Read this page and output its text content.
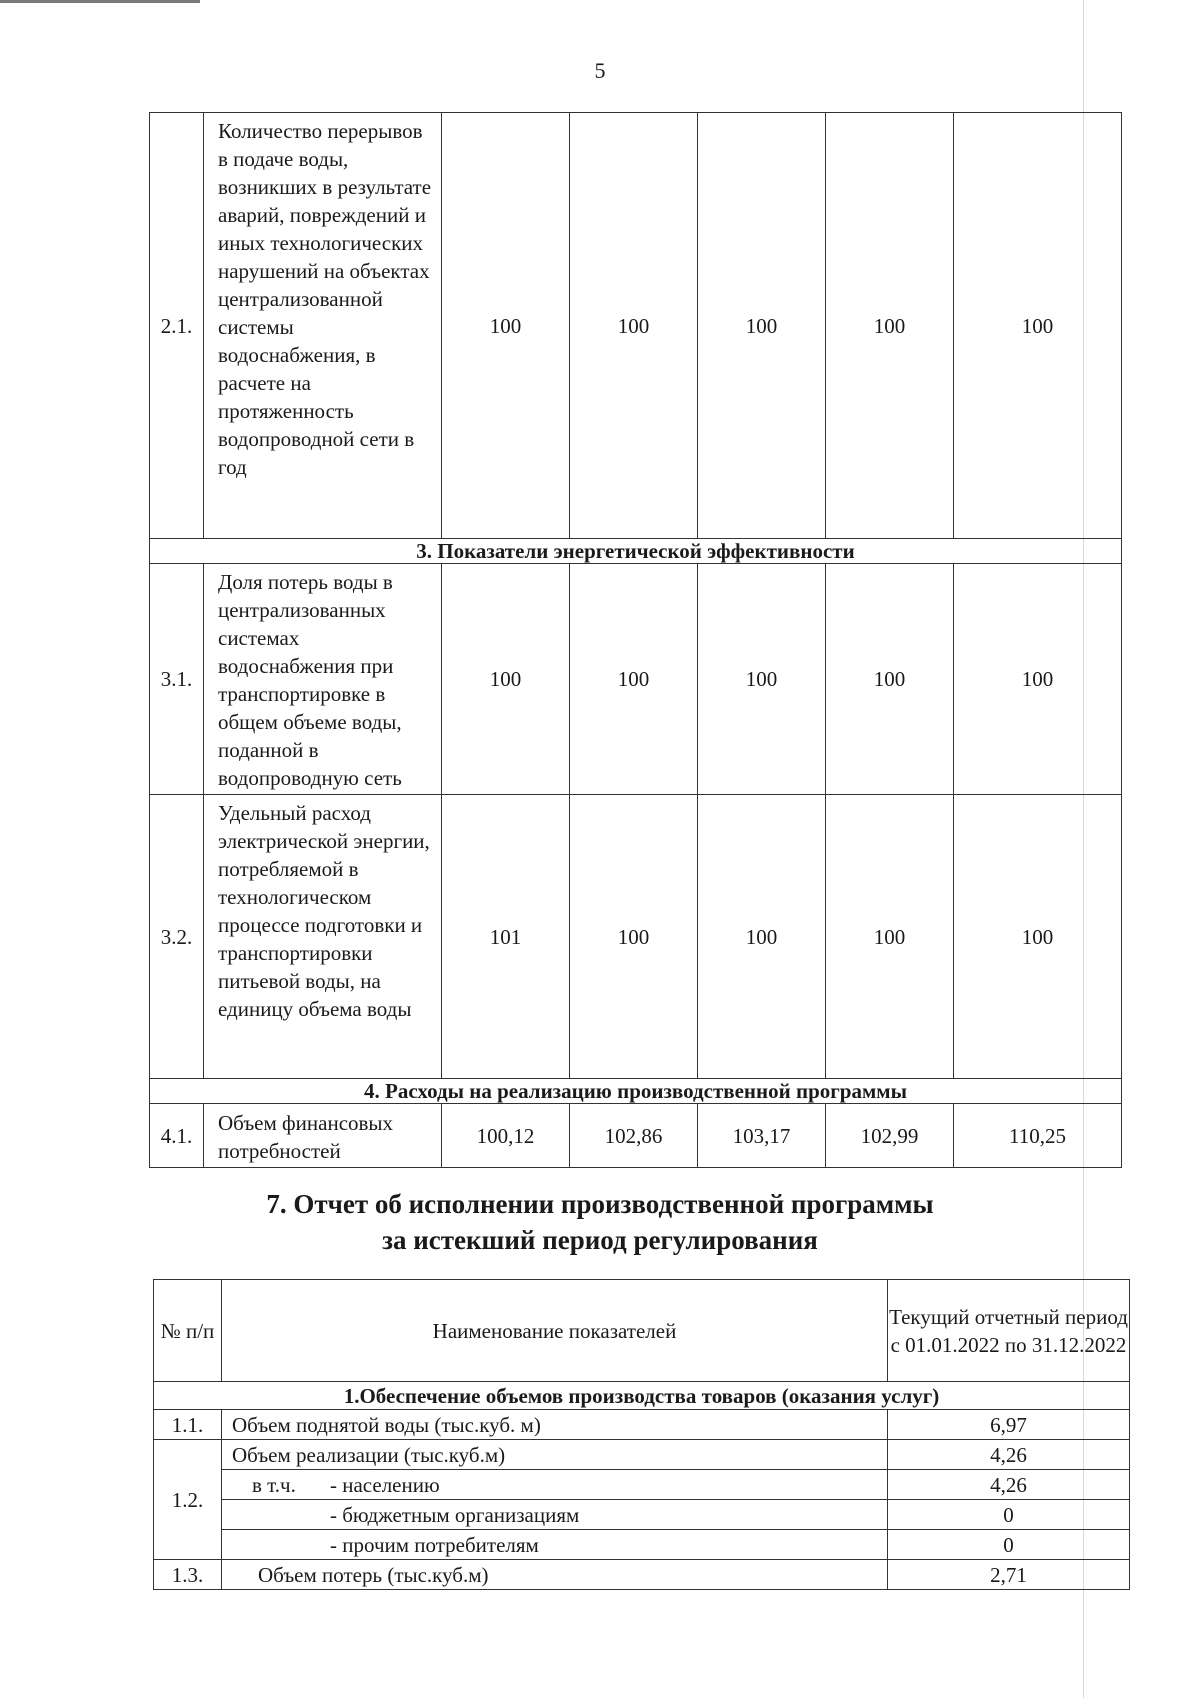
5
2.1.	Количество перерывов в подаче воды, возникших в результате аварий, повреждений и иных технологических нарушений на объектах централизованной системы водоснабжения, в расчете на протяженность водопроводной сети в год	100	100	100	100	100
3. Показатели энергетической эффективности						
3.1.	Доля потерь воды в централизованных системах водоснабжения при транспортировке в общем объеме воды, поданной в водопроводную сеть	100	100	100	100	100
3.2.	Удельный расход электрической энергии, потребляемой в технологическом процессе подготовки и транспортировки питьевой воды, на единицу объема воды	101	100	100	100	100
4. Расходы на реализацию производственной программы						
4.1.	Объем финансовых потребностей	100,12	102,86	103,17	102,99	110,25
7. Отчет об исполнении производственной программы
за истекший период регулирования
№ п/п	Наименование показателей	Текущий отчетный период с 01.01.2022 по 31.12.2022
1.Обеспечение объемов производства товаров (оказания услуг)		
1.1.	Объем поднятой воды (тыс.куб. м)	6,97
1.2.	Объем реализации (тыс.куб.м)	4,26
	в т.ч. - населению	4,26
	- бюджетным организациям	0
	- прочим потребителям	0
1.3.	Объем потерь (тыс.куб.м)	2,71
